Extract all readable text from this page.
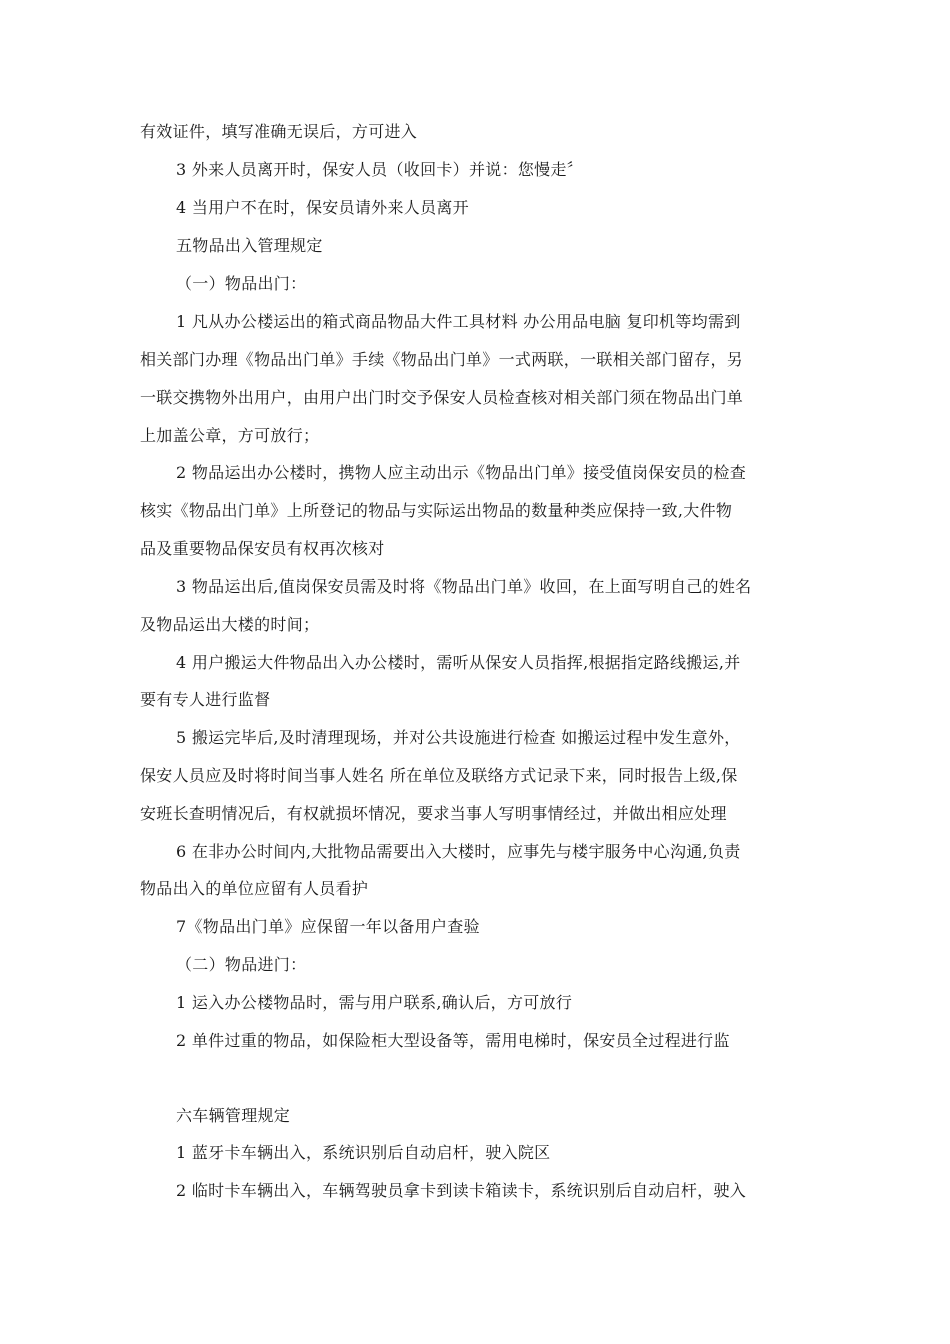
有效证件，填写准确无误后，方可进入
3 外来人员离开时，保安人员（收回卡）并说：您慢走〞
4 当用户不在时，保安员请外来人员离开
五物品出入管理规定
（一）物品出门：
1 凡从办公楼运出的箱式商品物品大件工具材料 办公用品电脑 复印机等均需到
相关部门办理《物品出门单》手续《物品出门单》一式两联，一联相关部门留存，另
一联交携物外出用户，由用户出门时交予保安人员检查核对相关部门须在物品出门单
上加盖公章，方可放行；
2 物品运出办公楼时，携物人应主动出示《物品出门单》接受值岗保安员的检查
核实《物品出门单》上所登记的物品与实际运出物品的数量种类应保持一致,大件物
品及重要物品保安员有权再次核对
3 物品运出后,值岗保安员需及时将《物品出门单》收回，在上面写明自己的姓名
及物品运出大楼的时间；
4 用户搬运大件物品出入办公楼时，需听从保安人员指挥,根据指定路线搬运,并
要有专人进行监督
5 搬运完毕后,及时清理现场，并对公共设施进行检查 如搬运过程中发生意外，
保安人员应及时将时间当事人姓名 所在单位及联络方式记录下来，同时报告上级,保
安班长查明情况后，有权就损坏情况，要求当事人写明事情经过，并做出相应处理
6 在非办公时间内,大批物品需要出入大楼时，应事先与楼宇服务中心沟通,负责
物品出入的单位应留有人员看护
7《物品出门单》应保留一年以备用户查验
（二）物品进门：
1 运入办公楼物品时，需与用户联系,确认后，方可放行
2 单件过重的物品，如保险柜大型设备等，需用电梯时，保安员全过程进行监
六车辆管理规定
1 蓝牙卡车辆出入，系统识别后自动启杆，驶入院区
2 临时卡车辆出入，车辆驾驶员拿卡到读卡箱读卡，系统识别后自动启杆，驶入
